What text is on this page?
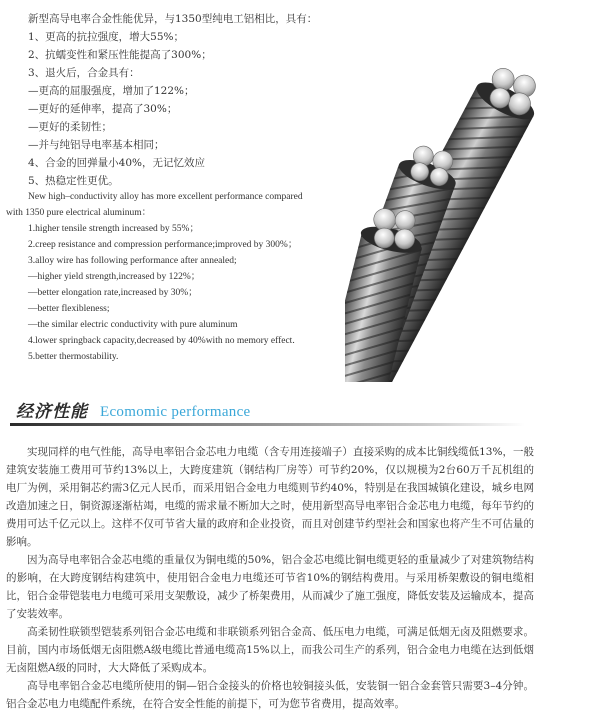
新型高导电率合金性能优异，与1350型纯电工铝相比，具有：
1、更高的抗拉强度，增大55%；
2、抗蠕变性和紧压性能提高了300%；
3、退火后，合金具有：
—更高的屈服强度，增加了122%；
—更好的延伸率，提高了30%；
—更好的柔韧性；
—并与纯铝导电率基本相同；
4、合金的回弹量小40%，无记忆效应
5、热稳定性更优。
New high–conductivity alloy has more excellent performance compared
with 1350 pure electrical aluminum：
1.higher tensile strength increased by 55%；
2.creep resistance and compression performance;improved by 300%；
3.alloy wire has following performance after annealed;
—higher yield strength,increased by 122%；
—better elongation rate,increased by 30%；
—better flexibleness;
—the similar electric conductivity with pure aluminum
4.lower springback capacity,decreased by 40%with no memory effect.
5.better thermostability.
经济性能 Ecomomic performance

实现同样的电气性能，高导电率铝合金芯电力电缆（含专用连接端子）直接采购的成本比铜线缆低13%，一般建筑安装施工费用可节约13%以上，大跨度建筑（钢结构厂房等）可节约20%，仅以规模为2台60万千瓦机组的电厂为例，采用铜芯约需3亿元人民币，而采用铝合金电力电缆则节约40%，特别是在我国城镇化建设，城乡电网改造加速之日，铜资源逐渐枯竭，电缆的需求量不断加大之时，使用新型高导电率铝合金芯电力电缆，每年节约的费用可达千亿元以上。这样不仅可节省大量的政府和企业投资，而且对创建节约型社会和国家也将产生不可估量的影响。

因为高导电率铝合金芯电缆的重量仅为铜电缆的50%，铝合金芯电缆比铜电缆更轻的重量减少了对建筑物结构的影响，在大跨度钢结构建筑中，使用铝合金电力电缆还可节省10%的钢结构费用。与采用桥架敷设的铜电缆相比，铝合金带铠装电力电缆可采用支架敷设，减少了桥架费用，从而减少了施工强度，降低安装及运输成本，提高了安装效率。

高柔韧性联锁型铠装系列铝合金芯电缆和非联锁系列铝合金高、低压电力电缆，可满足低烟无卤及阻燃要求。目前，国内市场低烟无卤阻燃A级电缆比普通电缆高15%以上，而我公司生产的系列，铝合金电力电缆在达到低烟无卤阻燃A级的同时，大大降低了采购成本。

高导电率铝合金芯电缆所使用的铜—铝合金接头的价格也较铜接头低，安装铜一铝合金套管只需要3–4分钟。铝合金芯电力电缆配件系统，在符合安全性能的前提下，可为您节省费用，提高效率。
